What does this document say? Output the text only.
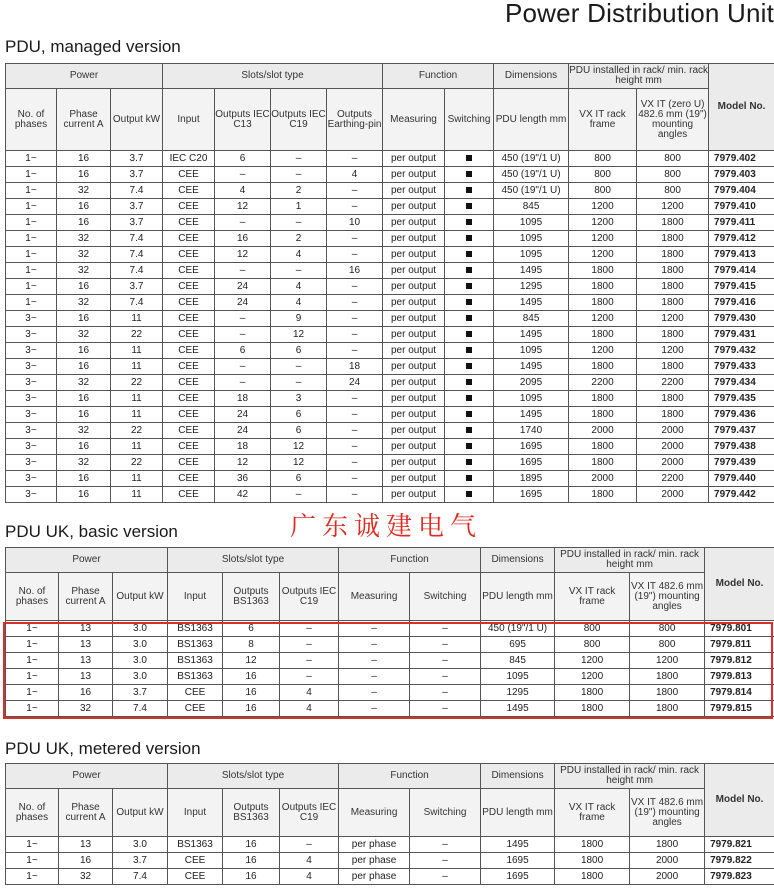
Power Distribution Unit
PDU, managed version
Power			Slots/slot type				Function		Dimensions	PDU installed in rack/ min. rack height mm		Model No.
No. of phases	Phase current A	Output kW	Input	Outputs IEC C13	Outputs IEC C19	Outputs Earthing-pin	Measuring	Switching	PDU length mm	VX IT rack frame	VX IT (zero U) 482.6 mm (19") mounting angles	
1~	16	3.7	IEC C20	6	–	–	per output		450 (19"/1 U)	800	800	7979.402
1~	16	3.7	CEE	–	–	4	per output		450 (19"/1 U)	800	800	7979.403
1~	32	7.4	CEE	4	2	–	per output		450 (19"/1 U)	800	800	7979.404
1~	16	3.7	CEE	12	1	–	per output		845	1200	1200	7979.410
1~	16	3.7	CEE	–	–	10	per output		1095	1200	1800	7979.411
1~	32	7.4	CEE	16	2	–	per output		1095	1200	1800	7979.412
1~	32	7.4	CEE	12	4	–	per output		1095	1200	1800	7979.413
1~	32	7.4	CEE	–	–	16	per output		1495	1800	1800	7979.414
1~	16	3.7	CEE	24	4	–	per output		1295	1800	1800	7979.415
1~	32	7.4	CEE	24	4	–	per output		1495	1800	1800	7979.416
3~	16	11	CEE	–	9	–	per output		845	1200	1200	7979.430
3~	32	22	CEE	–	12	–	per output		1495	1800	1800	7979.431
3~	16	11	CEE	6	6	–	per output		1095	1200	1200	7979.432
3~	16	11	CEE	–	–	18	per output		1495	1800	1800	7979.433
3~	32	22	CEE	–	–	24	per output		2095	2200	2200	7979.434
3~	16	11	CEE	18	3	–	per output		1095	1800	1800	7979.435
3~	16	11	CEE	24	6	–	per output		1495	1800	1800	7979.436
3~	32	22	CEE	24	6	–	per output		1740	2000	2000	7979.437
3~	16	11	CEE	18	12	–	per output		1695	1800	2000	7979.438
3~	32	22	CEE	12	12	–	per output		1695	1800	2000	7979.439
3~	16	11	CEE	36	6	–	per output		1895	2000	2200	7979.440
3~	16	11	CEE	42	–	–	per output		1695	1800	2000	7979.442
广东诚建电气
PDU UK, basic version
Power			Slots/slot type			Function		Dimensions	PDU installed in rack/ min. rack height mm		Model No.
No. of phases	Phase current A	Output kW	Input	Outputs BS1363	Outputs IEC C19	Measuring	Switching	PDU length mm	VX IT rack frame	VX IT 482.6 mm (19") mounting angles	
1~	13	3.0	BS1363	6	–	–	–	450 (19"/1 U)	800	800	7979.801
1~	13	3.0	BS1363	8	–	–	–	695	800	800	7979.811
1~	13	3.0	BS1363	12	–	–	–	845	1200	1200	7979.812
1~	13	3.0	BS1363	16	–	–	–	1095	1200	1800	7979.813
1~	16	3.7	CEE	16	4	–	–	1295	1800	1800	7979.814
1~	32	7.4	CEE	16	4	–	–	1495	1800	1800	7979.815
PDU UK, metered version
Power			Slots/slot type			Function		Dimensions	PDU installed in rack/ min. rack height mm		Model No.
No. of phases	Phase current A	Output kW	Input	Outputs BS1363	Outputs IEC C19	Measuring	Switching	PDU length mm	VX IT rack frame	VX IT 482.6 mm (19") mounting angles	
1~	13	3.0	BS1363	16	–	per phase	–	1495	1800	1800	7979.821
1~	16	3.7	CEE	16	4	per phase	–	1695	1800	2000	7979.822
1~	32	7.4	CEE	16	4	per phase	–	1695	1800	2000	7979.823
